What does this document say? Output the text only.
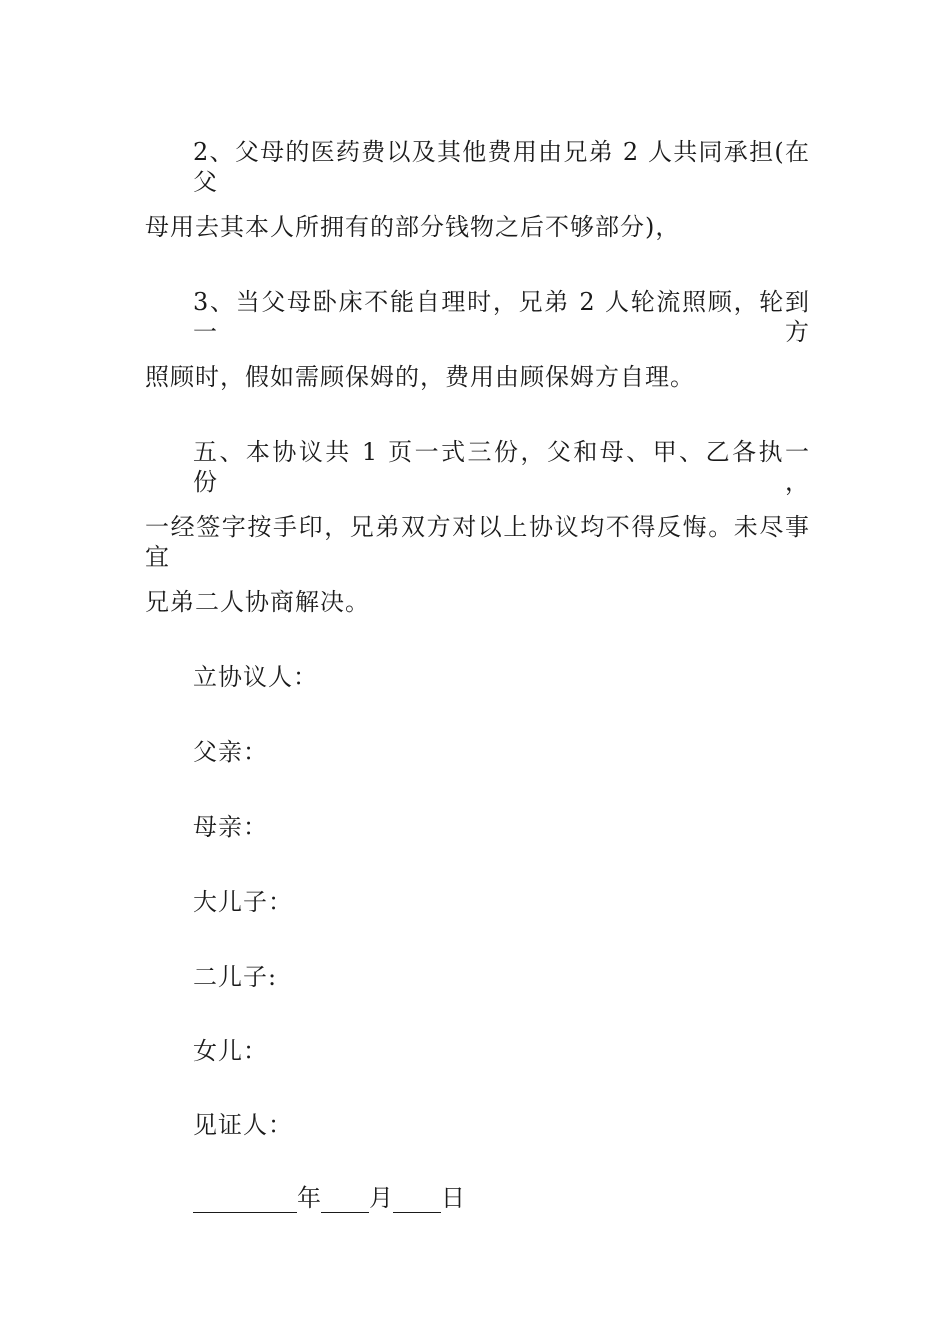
2、父母的医药费以及其他费用由兄弟 2 人共同承担(在父
母用去其本人所拥有的部分钱物之后不够部分)，
3、当父母卧床不能自理时，兄弟 2 人轮流照顾，轮到一方
照顾时，假如需顾保姆的，费用由顾保姆方自理。
五、本协议共 1 页一式三份，父和母、甲、乙各执一份，
一经签字按手印，兄弟双方对以上协议均不得反悔。未尽事宜
兄弟二人协商解决。
立协议人：
父亲：
母亲：
大儿子：
二儿子:
女儿：
见证人：
年 月 日
